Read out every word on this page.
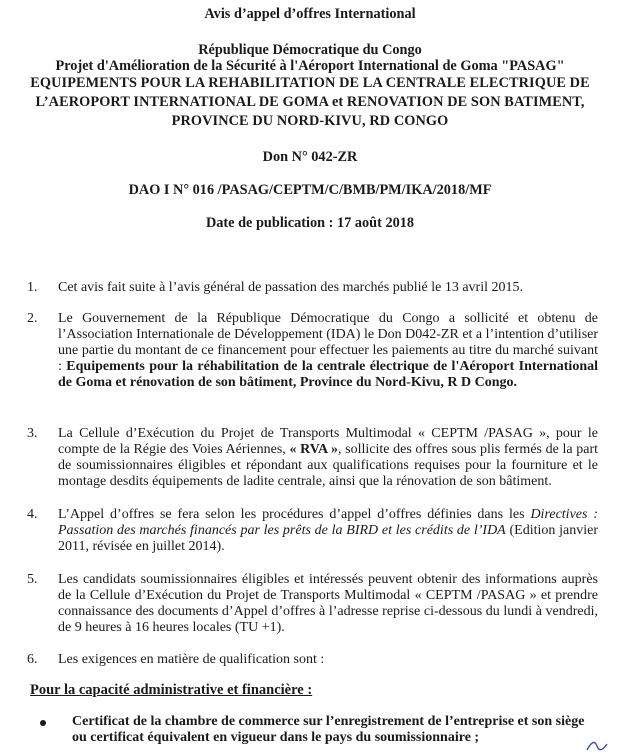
Avis d’appel d’offres International
République Démocratique du Congo
Projet d'Amélioration de la Sécurité à l'Aéroport International de Goma "PASAG"
EQUIPEMENTS POUR LA REHABILITATION DE LA CENTRALE ELECTRIQUE DE
L’AEROPORT INTERNATIONAL DE GOMA et RENOVATION DE SON BATIMENT,
PROVINCE DU NORD-KIVU, RD CONGO
Don N° 042-ZR
DAO I N° 016 /PASAG/CEPTM/C/BMB/PM/IKA/2018/MF
Date de publication : 17 août 2018
1. Cet avis fait suite à l’avis général de passation des marchés publié le 13 avril 2015.

2. Le Gouvernement de la République Démocratique du Congo a sollicité et obtenu de l’Association Internationale de Développement (IDA) le Don D042-ZR et a l’intention d’utiliser une partie du montant de ce financement pour effectuer les paiements au titre du marché suivant : Equipements pour la réhabilitation de la centrale électrique de l'Aéroport International de Goma et rénovation de son bâtiment, Province du Nord-Kivu, R D Congo.

3. La Cellule d’Exécution du Projet de Transports Multimodal « CEPTM /PASAG », pour le compte de la Régie des Voies Aériennes, « RVA », sollicite des offres sous plis fermés de la part de soumissionnaires éligibles et répondant aux qualifications requises pour la fourniture et le montage desdits équipements de ladite centrale, ainsi que la rénovation de son bâtiment.

4. L’Appel d’offres se fera selon les procédures d’appel d’offres définies dans les Directives : Passation des marchés financés par les prêts de la BIRD et les crédits de l’IDA (Edition janvier 2011, révisée en juillet 2014).

5. Les candidats soumissionnaires éligibles et intéressés peuvent obtenir des informations auprès de la Cellule d’Exécution du Projet de Transports Multimodal « CEPTM /PASAG » et prendre connaissance des documents d’Appel d’offres à l’adresse reprise ci-dessous du lundi à vendredi, de 9 heures à 16 heures locales (TU +1).

6. Les exigences en matière de qualification sont :

Pour la capacité administrative et financière :
Certificat de la chambre de commerce sur l’enregistrement de l’entreprise et son siège ou certificat équivalent en vigueur dans le pays du soumissionnaire ;
